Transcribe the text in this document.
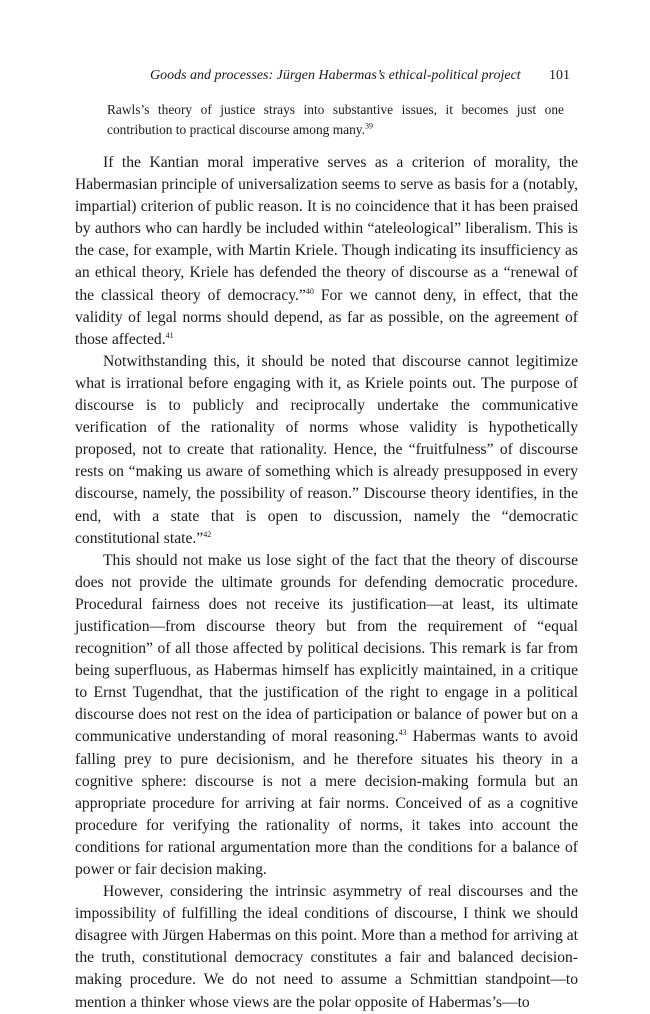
Goods and processes: Jürgen Habermas’s ethical-political project 101
Rawls’s theory of justice strays into substantive issues, it becomes just one contribution to practical discourse among many.$^{39}$

If the Kantian moral imperative serves as a criterion of morality, the Habermasian principle of universalization seems to serve as basis for a (notably, impartial) criterion of public reason. It is no coincidence that it has been praised by authors who can hardly be included within “ateleological” liberalism. This is the case, for example, with Martin Kriele. Though indicating its insufficiency as an ethical theory, Kriele has defended the theory of discourse as a “renewal of the classical theory of democracy.”$^{40}$ For we cannot deny, in effect, that the validity of legal norms should depend, as far as possible, on the agreement of those affected.$^{41}$

Notwithstanding this, it should be noted that discourse cannot legitimize what is irrational before engaging with it, as Kriele points out. The purpose of discourse is to publicly and reciprocally undertake the communicative verification of the rationality of norms whose validity is hypothetically proposed, not to create that rationality. Hence, the “fruitfulness” of discourse rests on “making us aware of something which is already presupposed in every discourse, namely, the possibility of reason.” Discourse theory identifies, in the end, with a state that is open to discussion, namely the “democratic constitutional state.”$^{42}$

This should not make us lose sight of the fact that the theory of discourse does not provide the ultimate grounds for defending democratic procedure. Procedural fairness does not receive its justification—at least, its ultimate justification—from discourse theory but from the requirement of “equal recognition” of all those affected by political decisions. This remark is far from being superfluous, as Habermas himself has explicitly maintained, in a critique to Ernst Tugendhat, that the justification of the right to engage in a political discourse does not rest on the idea of participation or balance of power but on a communicative understanding of moral reasoning.$^{43}$ Habermas wants to avoid falling prey to pure decisionism, and he therefore situates his theory in a cognitive sphere: discourse is not a mere decision-making formula but an appropriate procedure for arriving at fair norms. Conceived of as a cognitive procedure for verifying the rationality of norms, it takes into account the conditions for rational argumentation more than the conditions for a balance of power or fair decision making.

However, considering the intrinsic asymmetry of real discourses and the impossibility of fulfilling the ideal conditions of discourse, I think we should disagree with Jürgen Habermas on this point. More than a method for arriving at the truth, constitutional democracy constitutes a fair and balanced decision-making procedure. We do not need to assume a Schmittian standpoint—to mention a thinker whose views are the polar opposite of Habermas’s—to
